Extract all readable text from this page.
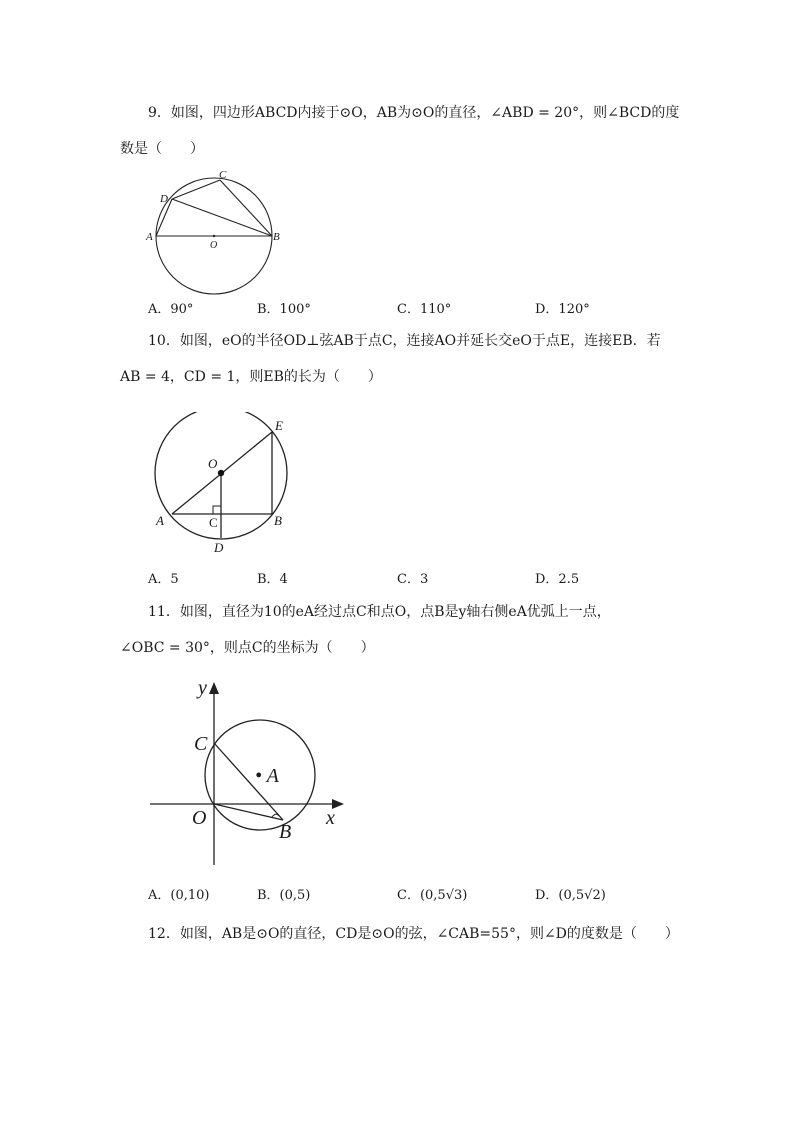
9．如图，四边形ABCD内接于⊙O，AB为⊙O的直径，∠ABD = 20°，则∠BCD的度
数是（　　）
A	B
C
D
O
A．90°	B．100°	C．110°	D．120°
10．如图，eO的半径OD⊥弦AB于点C，连接AO并延长交eO于点E，连接EB．若
AB = 4，CD = 1，则EB的长为（　　）
O
E
A	B
C
D
A．5	B．4	C．3	D．2.5
11．如图，直径为10的eA经过点C和点O，点B是y轴右侧eA优弧上一点，
∠OBC = 30°，则点C的坐标为（　　）
y
x
C
• A
O
B
A．(0,10)	B．(0,5)	C．(0,5√3)	D．(0,5√2)
12．如图，AB是⊙O的直径，CD是⊙O的弦，∠CAB=55°，则∠D的度数是（　　）
